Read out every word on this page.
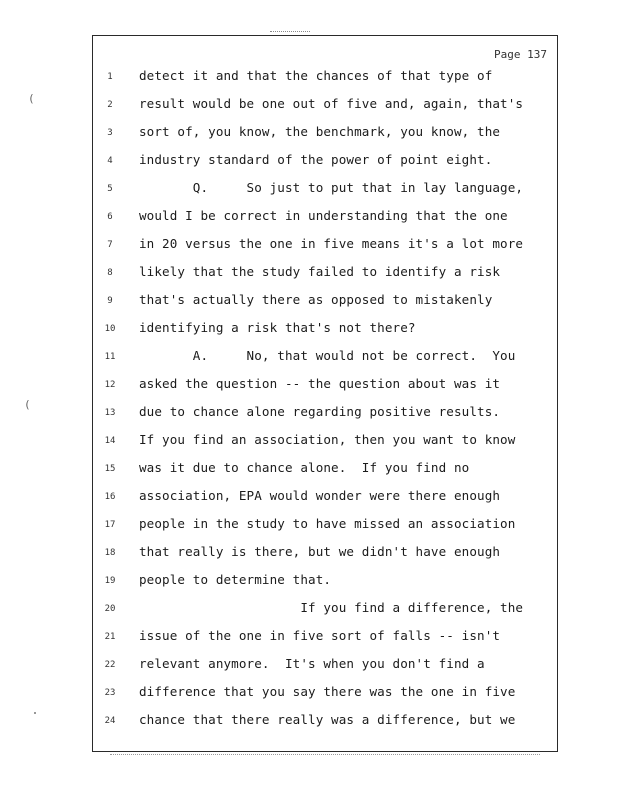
Page 137
1	detect it and that the chances of that type of
2	result would be one out of five and, again, that's
3	sort of, you know, the benchmark, you know, the
4	industry standard of the power of point eight.
5	Q.     So just to put that in lay language,
6	would I be correct in understanding that the one
7	in 20 versus the one in five means it's a lot more
8	likely that the study failed to identify a risk
9	that's actually there as opposed to mistakenly
10	identifying a risk that's not there?
11	A.     No, that would not be correct.  You
12	asked the question -- the question about was it
13	due to chance alone regarding positive results.
14	If you find an association, then you want to know
15	was it due to chance alone.  If you find no
16	association, EPA would wonder were there enough
17	people in the study to have missed an association
18	that really is there, but we didn't have enough
19	people to determine that.
20	If you find a difference, the
21	issue of the one in five sort of falls -- isn't
22	relevant anymore.  It's when you don't find a
23	difference that you say there was the one in five
24	chance that there really was a difference, but we
(
(
